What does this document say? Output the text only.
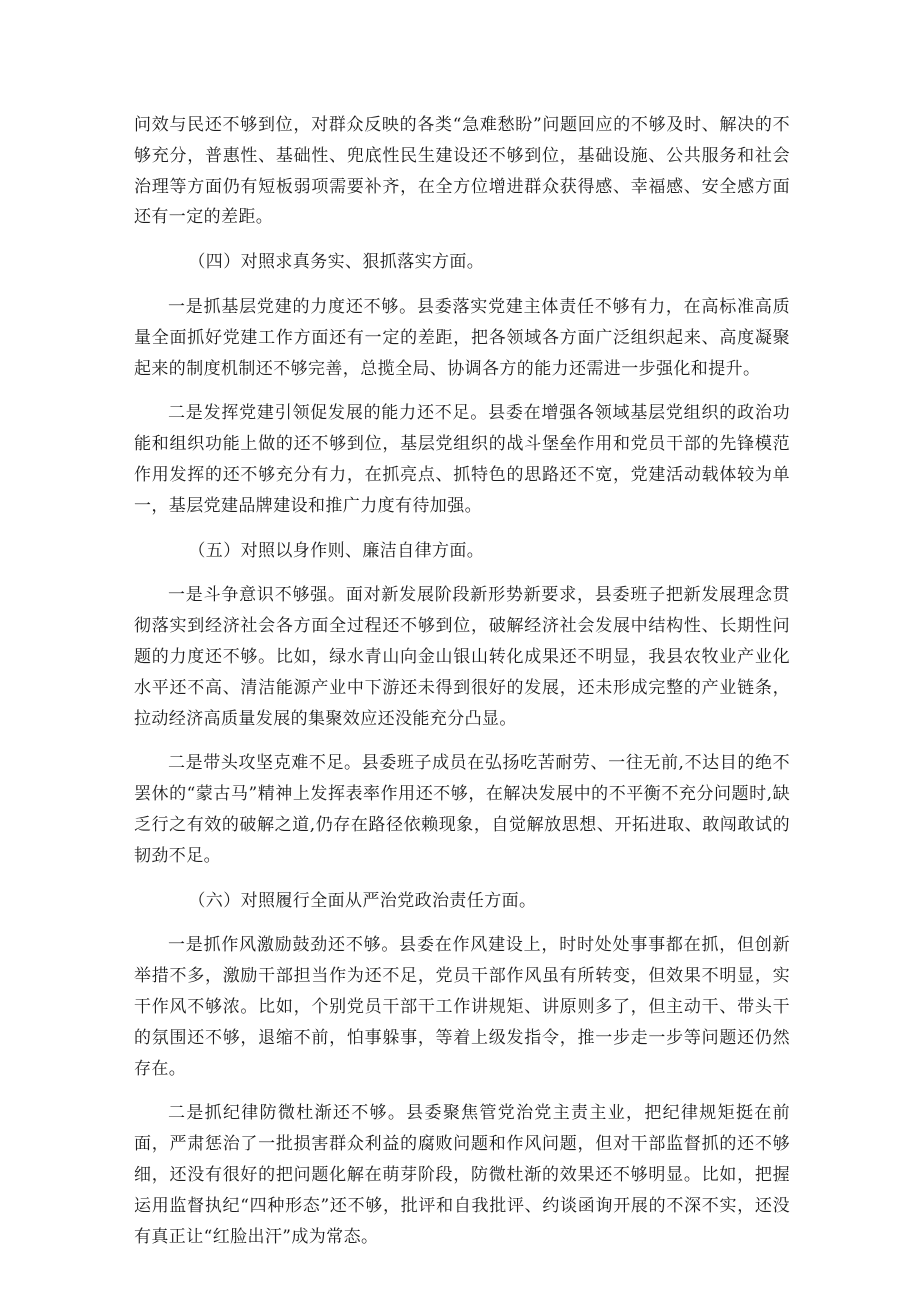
问效与民还不够到位，对群众反映的各类“急难愁盼”问题回应的不够及时、解决的不够充分，普惠性、基础性、兜底性民生建设还不够到位，基础设施、公共服务和社会治理等方面仍有短板弱项需要补齐，在全方位增进群众获得感、幸福感、安全感方面还有一定的差距。

（四）对照求真务实、狠抓落实方面。

一是抓基层党建的力度还不够。县委落实党建主体责任不够有力，在高标准高质量全面抓好党建工作方面还有一定的差距，把各领域各方面广泛组织起来、高度凝聚起来的制度机制还不够完善，总揽全局、协调各方的能力还需进一步强化和提升。

二是发挥党建引领促发展的能力还不足。县委在增强各领域基层党组织的政治功能和组织功能上做的还不够到位，基层党组织的战斗堡垒作用和党员干部的先锋模范作用发挥的还不够充分有力，在抓亮点、抓特色的思路还不宽，党建活动载体较为单一，基层党建品牌建设和推广力度有待加强。

（五）对照以身作则、廉洁自律方面。

一是斗争意识不够强。面对新发展阶段新形势新要求，县委班子把新发展理念贯彻落实到经济社会各方面全过程还不够到位，破解经济社会发展中结构性、长期性问题的力度还不够。比如，绿水青山向金山银山转化成果还不明显，我县农牧业产业化水平还不高、清洁能源产业中下游还未得到很好的发展，还未形成完整的产业链条，拉动经济高质量发展的集聚效应还没能充分凸显。

二是带头攻坚克难不足。县委班子成员在弘扬吃苦耐劳、一往无前,不达目的绝不罢休的“蒙古马”精神上发挥表率作用还不够，在解决发展中的不平衡不充分问题时,缺乏行之有效的破解之道,仍存在路径依赖现象，自觉解放思想、开拓进取、敢闯敢试的韧劲不足。

（六）对照履行全面从严治党政治责任方面。

一是抓作风激励鼓劲还不够。县委在作风建设上，时时处处事事都在抓，但创新举措不多，激励干部担当作为还不足，党员干部作风虽有所转变，但效果不明显，实干作风不够浓。比如，个别党员干部干工作讲规矩、讲原则多了，但主动干、带头干的氛围还不够，退缩不前，怕事躲事，等着上级发指令，推一步走一步等问题还仍然存在。

二是抓纪律防微杜渐还不够。县委聚焦管党治党主责主业，把纪律规矩挺在前面，严肃惩治了一批损害群众利益的腐败问题和作风问题，但对干部监督抓的还不够细，还没有很好的把问题化解在萌芽阶段，防微杜渐的效果还不够明显。比如，把握运用监督执纪“四种形态”还不够，批评和自我批评、约谈函询开展的不深不实，还没有真正让“红脸出汗”成为常态。
